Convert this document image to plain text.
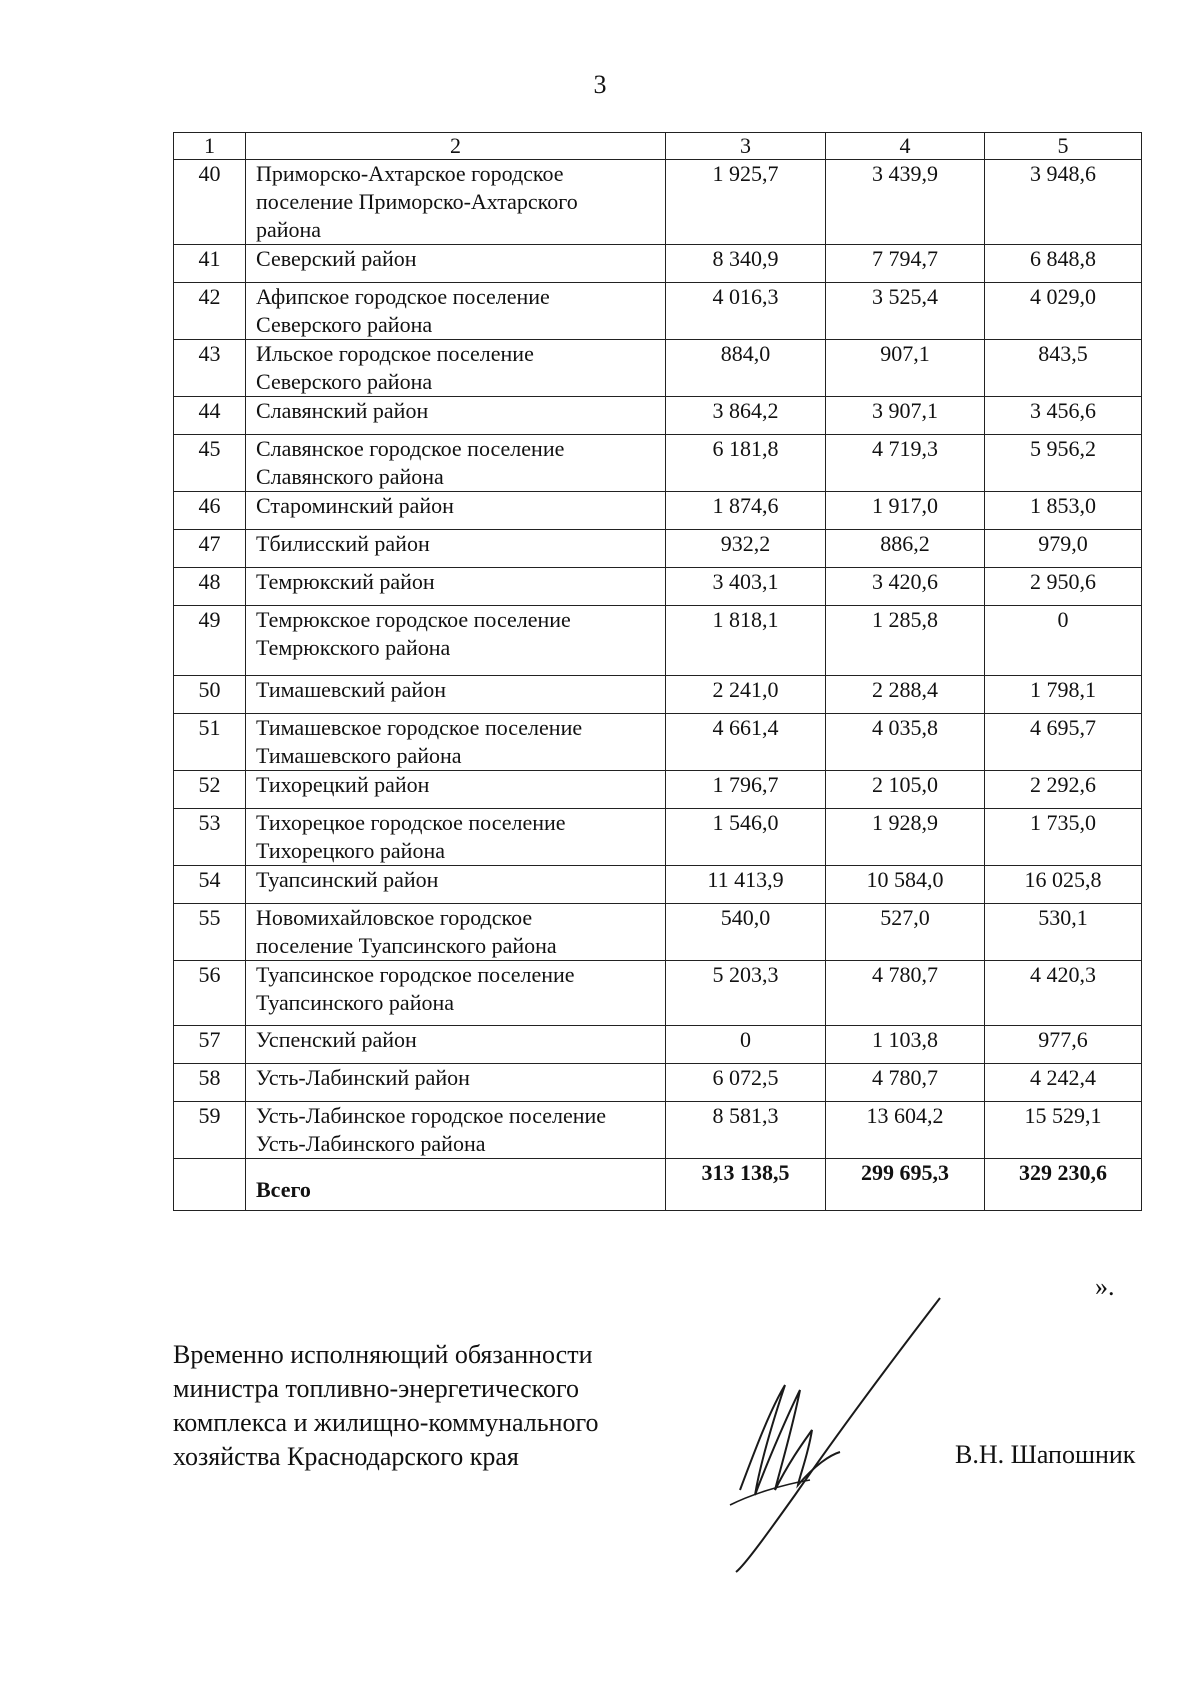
3
1	2	3	4	5
40	Приморско-Ахтарское городское
поселение Приморско-Ахтарского
района	1 925,7	3 439,9	3 948,6
41	Северский район	8 340,9	7 794,7	6 848,8
42	Афипское городское поселение
Северского района	4 016,3	3 525,4	4 029,0
43	Ильское городское поселение
Северского района	884,0	907,1	843,5
44	Славянский район	3 864,2	3 907,1	3 456,6
45	Славянское городское поселение
Славянского района	6 181,8	4 719,3	5 956,2
46	Староминский район	1 874,6	1 917,0	1 853,0
47	Тбилисский район	932,2	886,2	979,0
48	Темрюкский район	3 403,1	3 420,6	2 950,6
49	Темрюкское городское поселение
Темрюкского района	1 818,1	1 285,8	0
50	Тимашевский район	2 241,0	2 288,4	1 798,1
51	Тимашевское городское поселение
Тимашевского района	4 661,4	4 035,8	4 695,7
52	Тихорецкий район	1 796,7	2 105,0	2 292,6
53	Тихорецкое городское поселение
Тихорецкого района	1 546,0	1 928,9	1 735,0
54	Туапсинский район	11 413,9	10 584,0	16 025,8
55	Новомихайловское городское
поселение Туапсинского района	540,0	527,0	530,1
56	Туапсинское городское поселение
Туапсинского района	5 203,3	4 780,7	4 420,3
57	Успенский район	0	1 103,8	977,6
58	Усть-Лабинский район	6 072,5	4 780,7	4 242,4
59	Усть-Лабинское городское поселение
Усть-Лабинского района	8 581,3	13 604,2	15 529,1
	Всего	313 138,5	299 695,3	329 230,6
».
Временно исполняющий обязанности
министра топливно-энергетического
комплекса и жилищно-коммунального
хозяйства Краснодарского края	В.Н. Шапошник
